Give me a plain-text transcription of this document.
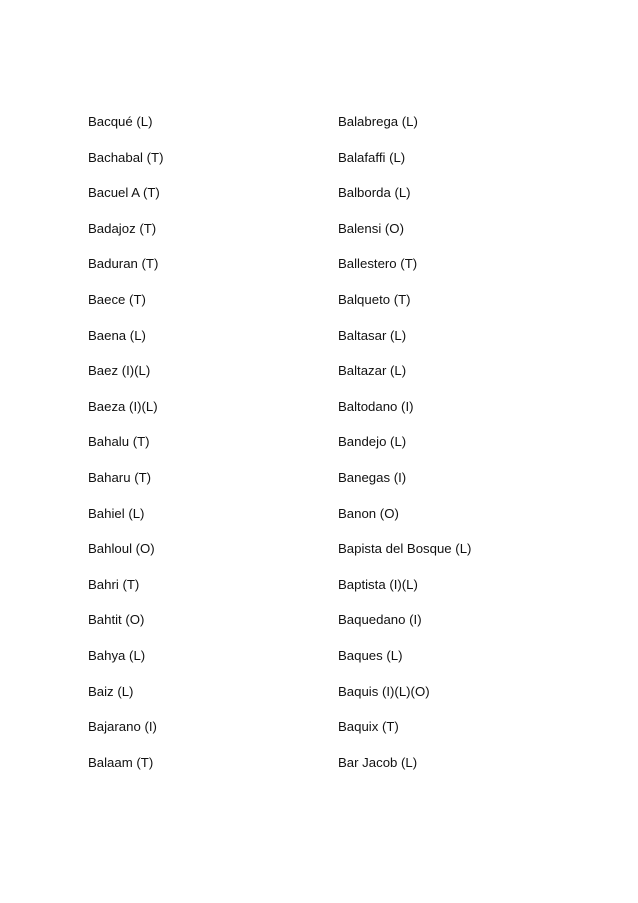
Bacqué (L)
Bachabal (T)
Bacuel A (T)
Badajoz (T)
Baduran (T)
Baece (T)
Baena (L)
Baez (I)(L)
Baeza (I)(L)
Bahalu (T)
Baharu (T)
Bahiel (L)
Bahloul (O)
Bahri (T)
Bahtit (O)
Bahya (L)
Baiz (L)
Bajarano (I)
Balaam (T)
Balabrega (L)
Balafaffi (L)
Balborda (L)
Balensi (O)
Ballestero (T)
Balqueto (T)
Baltasar (L)
Baltazar (L)
Baltodano (I)
Bandejo (L)
Banegas (I)
Banon (O)
Bapista del Bosque (L)
Baptista (I)(L)
Baquedano (I)
Baques (L)
Baquis (I)(L)(O)
Baquix (T)
Bar Jacob (L)
